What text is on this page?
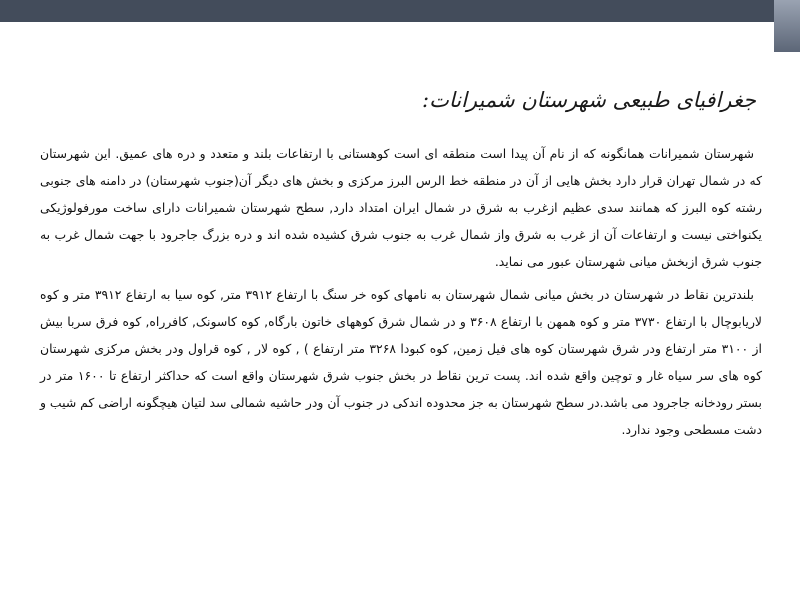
جغرافیای طبیعی شهرستان شمیرانات:

شهرستان شمیرانات همانگونه که از نام آن پیدا است منطقه ای است کوهستانی با ارتفاعات بلند و متعدد و دره های عمیق. این شهرستان که در شمال تهران قرار دارد بخش هایی از آن در منطقه خط الرس البرز مرکزی و بخش های دیگر آن(جنوب شهرستان) در دامنه های جنوبی رشته کوه البرز که همانند سدی عظیم ازغرب به شرق در شمال ایران امتداد دارد, سطح شهرستان شمیرانات دارای ساخت مورفولوژیکی یکنواختی نیست و ارتفاعات آن از غرب به شرق واز شمال غرب به جنوب شرق کشیده شده اند و دره بزرگ جاجرود با جهت شمال غرب به جنوب شرق ازبخش میانی شهرستان عبور می نماید.

بلندترین نقاط در شهرستان در بخش میانی شمال شهرستان به نامهای کوه خر سنگ با ارتفاع ۳۹۱۲ متر, کوه سیا به ارتفاع ۳۹۱۲ متر و کوه لاریابوچال با ارتفاع ۳۷۳۰ متر و کوه همهن با ارتفاع ۳۶۰۸ و در شمال شرق کوههای خاتون بارگاه, کوه کاسونک, کافرراه, کوه فرق سربا بیش از ۳۱۰۰ متر ارتفاع ودر شرق شهرستان کوه های فیل زمین, کوه کبودا ۳۲۶۸ متر ارتفاع ) , کوه لار , کوه قراول ودر بخش مرکزی شهرستان کوه های سر سیاه غار و توچین واقع شده اند. پست ترین نقاط در بخش جنوب شرق شهرستان واقع است که حداکثر ارتفاع تا ۱۶۰۰ متر در بستر رودخانه جاجرود می باشد.در سطح شهرستان به جز محدوده اندکی در جنوب آن ودر حاشیه شمالی سد لتیان هیچگونه اراضی کم شیب و دشت مسطحی وجود ندارد.
